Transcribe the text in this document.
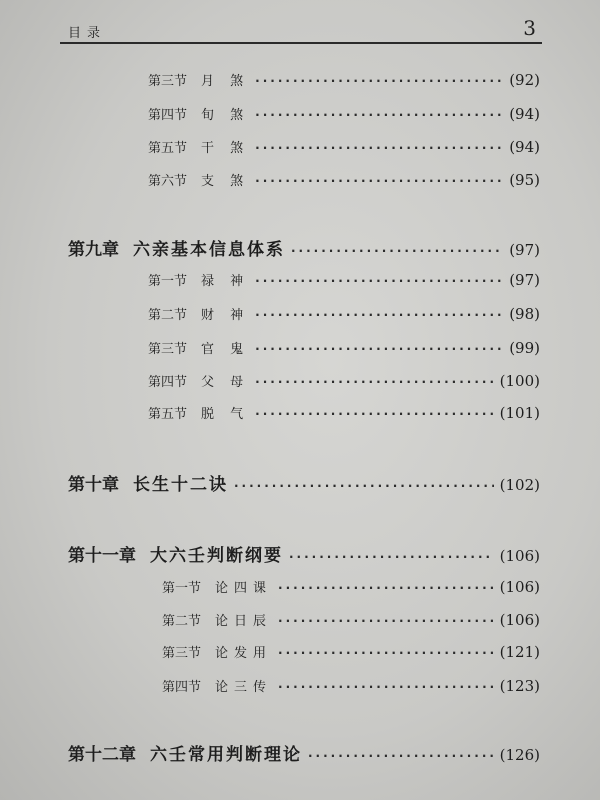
目录	3
第三节 月 煞 ·····	(92)
第四节 旬 煞 ·····	(94)
第五节 干 煞 ·····	(94)
第六节 支 煞 ·····	(95)
第九章 六亲基本信息体系 ·····	(97)
第一节 禄 神 ·····	(97)
第二节 财 神 ·····	(98)
第三节 官 鬼 ·····	(99)
第四节 父 母 ·····	(100)
第五节 脱 气 ·····	(101)
第十章 长生十二诀 ·····	(102)
第十一章 大六壬判断纲要 ·····	(106)
第一节 论四课 ·····	(106)
第二节 论日辰 ·····	(106)
第三节 论发用 ·····	(121)
第四节 论三传 ·····	(123)
第十二章 六壬常用判断理论 ·····	(126)
